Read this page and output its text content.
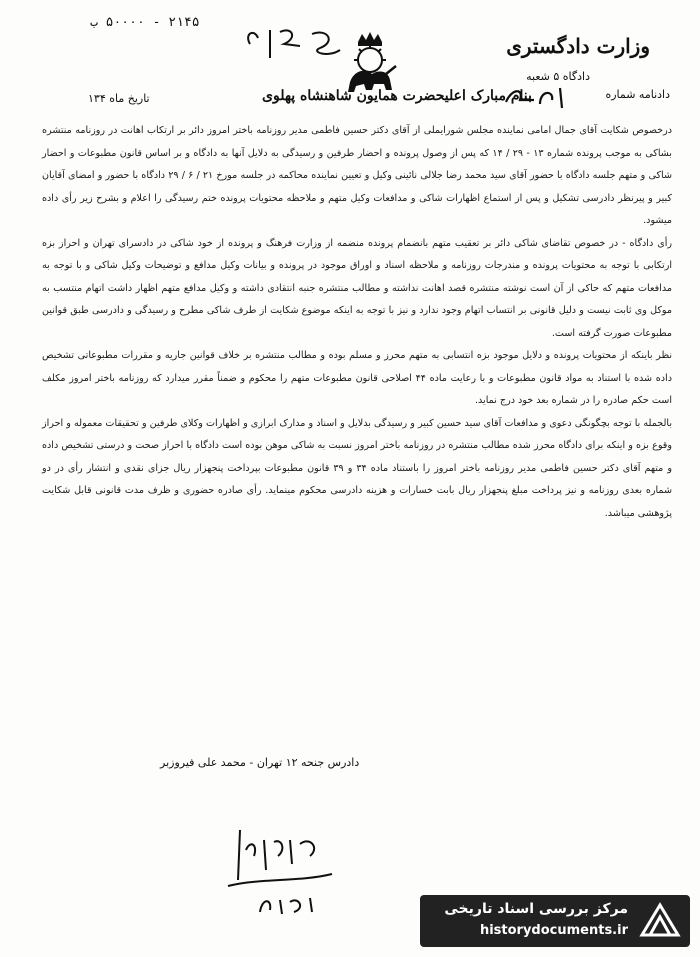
۲۱۴۵ - ۵۰۰۰۰ ب
وزارت دادگستری
دادگاه ۵ شعبه
دادنامه شماره
بنام مبارک اعلیحضرت همایون شاهنشاه پهلوی
تاریخ ماه ۱۳۴

درخصوص شکایت آقای جمال امامی نماینده مجلس شورایملی از آقای دکتر حسین فاطمی مدیر روزنامه باختر امروز دائر بر ارتکاب اهانت در روزنامه منتشره بشاکی به موجب پرونده شماره ۱۳ - ۲۹ / ۱۴ که پس از وصول پرونده و احضار طرفین و رسیدگی به دلایل آنها به دادگاه و بر اساس قانون مطبوعات و احضار شاکی و متهم جلسه دادگاه با حضور آقای سید محمد رضا جلالی نائینی وکیل و تعیین نماینده محاکمه در جلسه مورخ ۲۱ / ۶ / ۲۹ دادگاه با حضور و امضای آقایان کبیر و پیرنظر دادرسی تشکیل و پس از استماع اظهارات شاکی و مدافعات وکیل متهم و ملاحظه محتویات پرونده ختم رسیدگی را اعلام و بشرح زیر رأی داده میشود.

رأی دادگاه - در خصوص تقاضای شاکی دائر بر تعقیب متهم بانضمام پرونده منضمه از وزارت فرهنگ و پرونده از خود شاکی در دادسرای تهران و احراز بزه ارتکابی با توجه به محتویات پرونده و مندرجات روزنامه و ملاحظه اسناد و اوراق موجود در پرونده و بیانات وکیل مدافع و توضیحات وکیل شاکی و با توجه به مدافعات متهم که حاکی از آن است نوشته منتشره قصد اهانت نداشته و مطالب منتشره جنبه انتقادی داشته و وکیل مدافع متهم اظهار داشت اتهام منتسب به موکل وی ثابت نیست و دلیل قانونی بر انتساب اتهام وجود ندارد و نیز با توجه به اینکه موضوع شکایت از طرف شاکی مطرح و رسیدگی و دادرسی طبق قوانین مطبوعات صورت گرفته است.

نظر باینکه از محتویات پرونده و دلایل موجود بزه انتسابی به متهم محرز و مسلم بوده و مطالب منتشره بر خلاف قوانین جاریه و مقررات مطبوعاتی تشخیص داده شده با استناد به مواد قانون مطبوعات و با رعایت ماده ۴۴ اصلاحی قانون مطبوعات متهم را محکوم و ضمناً مقرر میدارد که روزنامه باختر امروز مکلف است حکم صادره را در شماره بعد خود درج نماید.

بالجمله با توجه بچگونگی دعوی و مدافعات آقای سید حسین کبیر و رسیدگی بدلایل و اسناد و مدارک ابرازی و اظهارات وکلای طرفین و تحقیقات معموله و احراز وقوع بزه و اینکه برای دادگاه محرز شده مطالب منتشره در روزنامه باختر امروز نسبت به شاکی موهن بوده است دادگاه با احراز صحت و درستی تشخیص داده و متهم آقای دکتر حسین فاطمی مدیر روزنامه باختر امروز را باستناد ماده ۳۴ و ۳۹ قانون مطبوعات بپرداخت پنجهزار ریال جزای نقدی و انتشار رأی در دو شماره بعدی روزنامه و نیز پرداخت مبلغ پنجهزار ریال بابت خسارات و هزینه دادرسی محکوم مینماید. رأی صادره حضوری و ظرف مدت قانونی قابل شکایت پژوهشی میباشد.

دادرس جنحه ۱۲ تهران - محمد علی فیروزبر
مرکز بررسی اسناد تاریخی
historydocuments.ir
